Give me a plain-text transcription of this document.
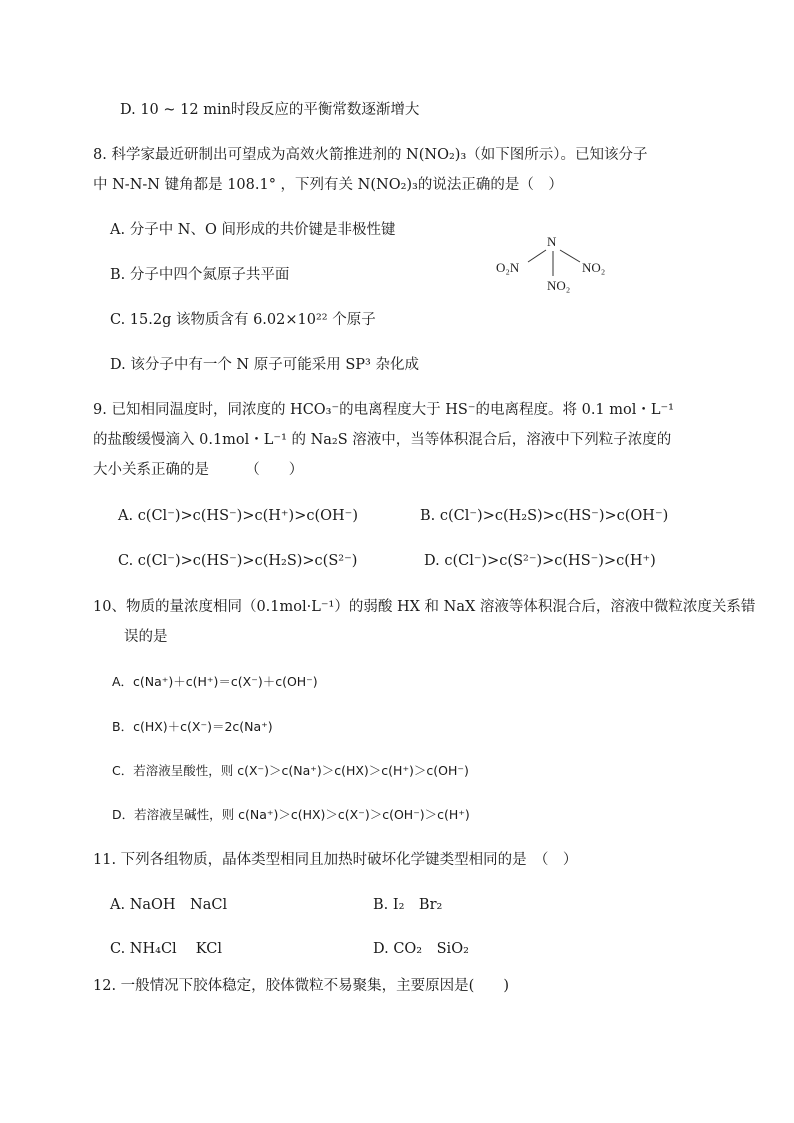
D. 10 ~ 12 min时段反应的平衡常数逐渐增大
8. 科学家最近研制出可望成为高效火箭推进剂的 N(NO₂)₃（如下图所示）。已知该分子
中 N-N-N 键角都是 108.1° ，下列有关 N(NO₂)₃的说法正确的是（　）
A. 分子中 N、O 间形成的共价键是非极性键
B. 分子中四个氮原子共平面
C. 15.2g 该物质含有 6.02×10²² 个原子
D. 该分子中有一个 N 原子可能采用 SP³ 杂化成
N
O₂N	NO₂
NO₂
9. 已知相同温度时，同浓度的 HCO₃⁻的电离程度大于 HS⁻的电离程度。将 0.1 mol・L⁻¹
的盐酸缓慢滴入 0.1mol・L⁻¹ 的 Na₂S 溶液中，当等体积混合后，溶液中下列粒子浓度的
大小关系正确的是　　　（　　）
A. c(Cl⁻)>c(HS⁻)>c(H⁺)>c(OH⁻)	B. c(Cl⁻)>c(H₂S)>c(HS⁻)>c(OH⁻)
C. c(Cl⁻)>c(HS⁻)>c(H₂S)>c(S²⁻)	D. c(Cl⁻)>c(S²⁻)>c(HS⁻)>c(H⁺)
10、物质的量浓度相同（0.1mol·L⁻¹）的弱酸 HX 和 NaX 溶液等体积混合后，溶液中微粒浓度关系错
误的是
A．c(Na⁺)＋c(H⁺)＝c(X⁻)＋c(OH⁻)
B．c(HX)＋c(X⁻)＝2c(Na⁺)
C．若溶液呈酸性，则 c(X⁻)＞c(Na⁺)＞c(HX)＞c(H⁺)＞c(OH⁻)
D．若溶液呈碱性，则 c(Na⁺)＞c(HX)＞c(X⁻)＞c(OH⁻)＞c(H⁺)
11. 下列各组物质，晶体类型相同且加热时破坏化学键类型相同的是　（　）
A. NaOH　NaCl	B. I₂　Br₂
C. NH₄Cl　 KCl	D. CO₂　SiO₂
12. 一般情况下胶体稳定，胶体微粒不易聚集，主要原因是(　　)
